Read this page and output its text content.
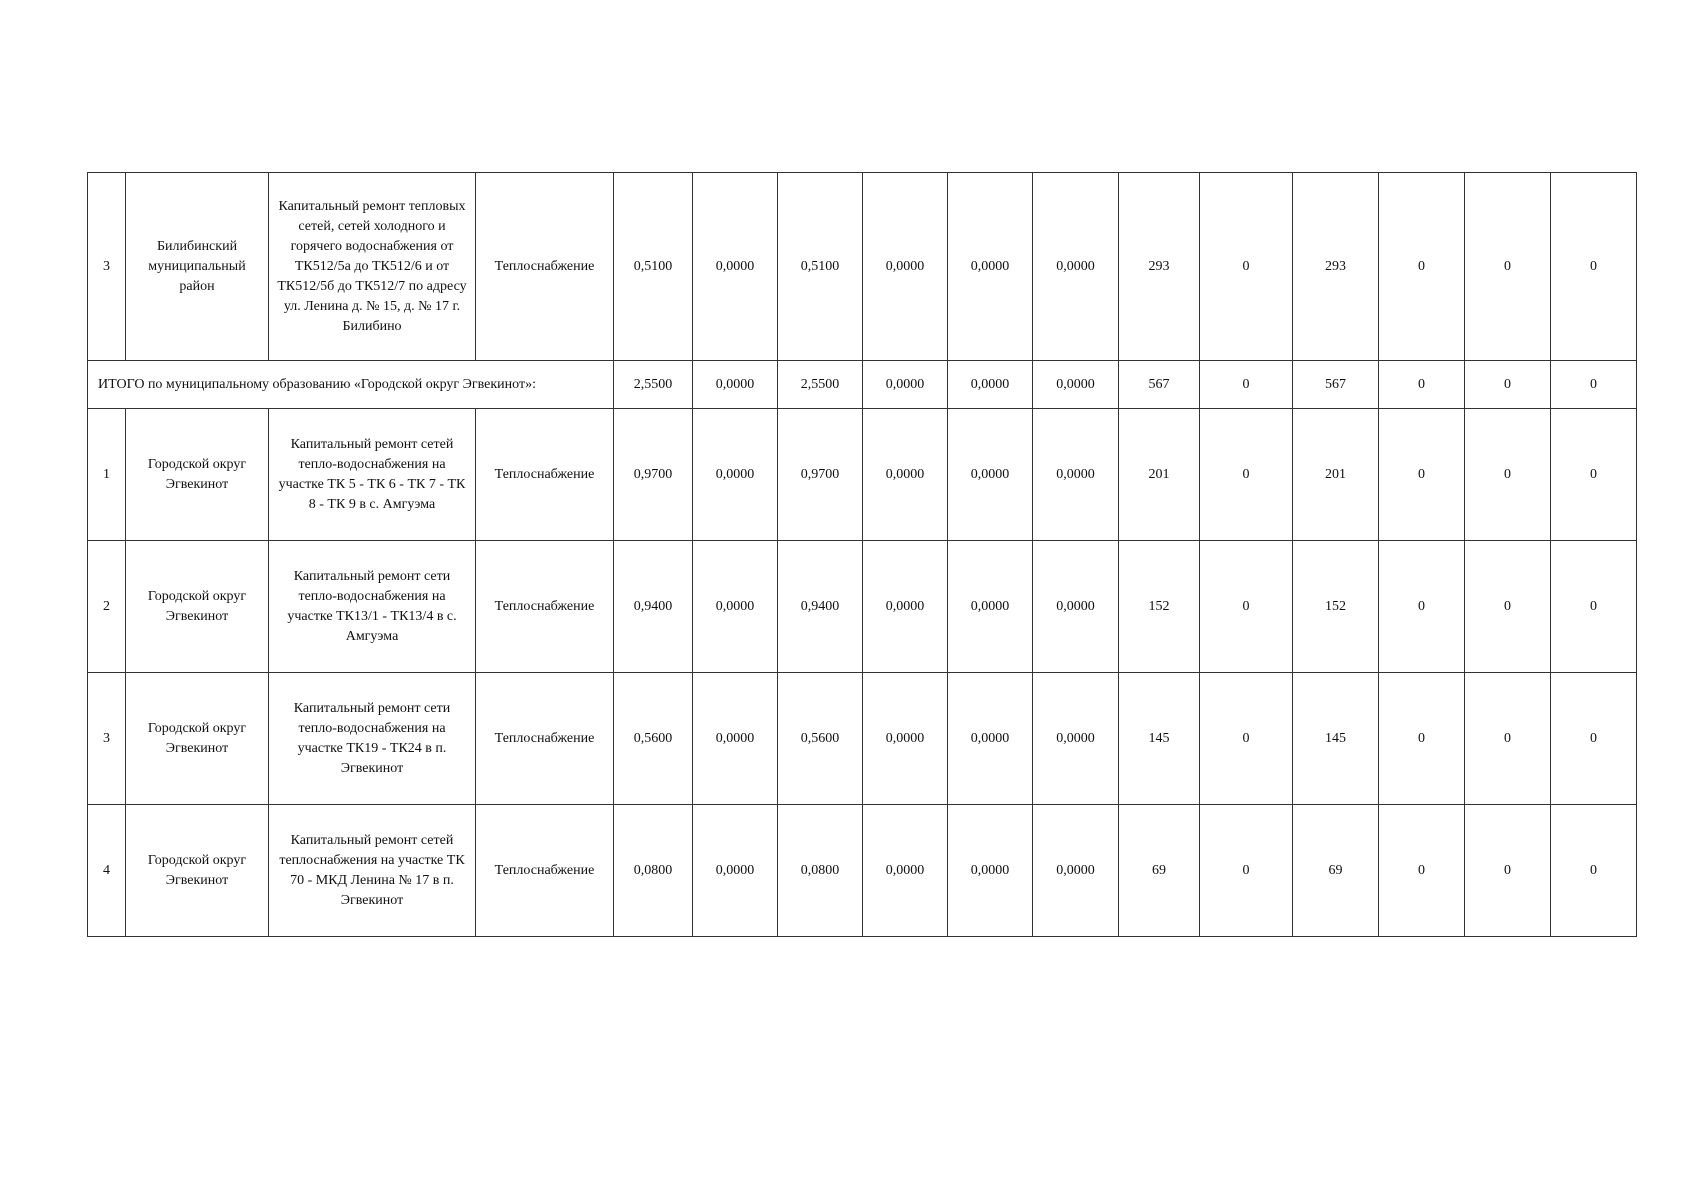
3	Билибинский муниципальный район	Капитальный ремонт тепловых сетей, сетей холодного и горячего водоснабжения от ТК512/5а до ТК512/6 и от ТК512/5б до ТК512/7 по адресу ул. Ленина д. № 15, д. № 17 г. Билибино	Теплоснабжение	0,5100	0,0000	0,5100	0,0000	0,0000	0,0000	293	0	293	0	0	0
ИТОГО по муниципальному образованию «Городской округ Эгвекинот»:				2,5500	0,0000	2,5500	0,0000	0,0000	0,0000	567	0	567	0	0	0
1	Городской округ Эгвекинот	Капитальный ремонт сетей тепло-водоснабжения на участке ТК 5 - ТК 6 - ТК 7 - ТК 8 - ТК 9 в с. Амгуэма	Теплоснабжение	0,9700	0,0000	0,9700	0,0000	0,0000	0,0000	201	0	201	0	0	0
2	Городской округ Эгвекинот	Капитальный ремонт сети тепло-водоснабжения на участке ТК13/1 - ТК13/4 в с. Амгуэма	Теплоснабжение	0,9400	0,0000	0,9400	0,0000	0,0000	0,0000	152	0	152	0	0	0
3	Городской округ Эгвекинот	Капитальный ремонт сети тепло-водоснабжения на участке ТК19 - ТК24 в п. Эгвекинот	Теплоснабжение	0,5600	0,0000	0,5600	0,0000	0,0000	0,0000	145	0	145	0	0	0
4	Городской округ Эгвекинот	Капитальный ремонт сетей теплоснабжения на участке ТК 70 - МКД Ленина № 17 в п. Эгвекинот	Теплоснабжение	0,0800	0,0000	0,0800	0,0000	0,0000	0,0000	69	0	69	0	0	0
